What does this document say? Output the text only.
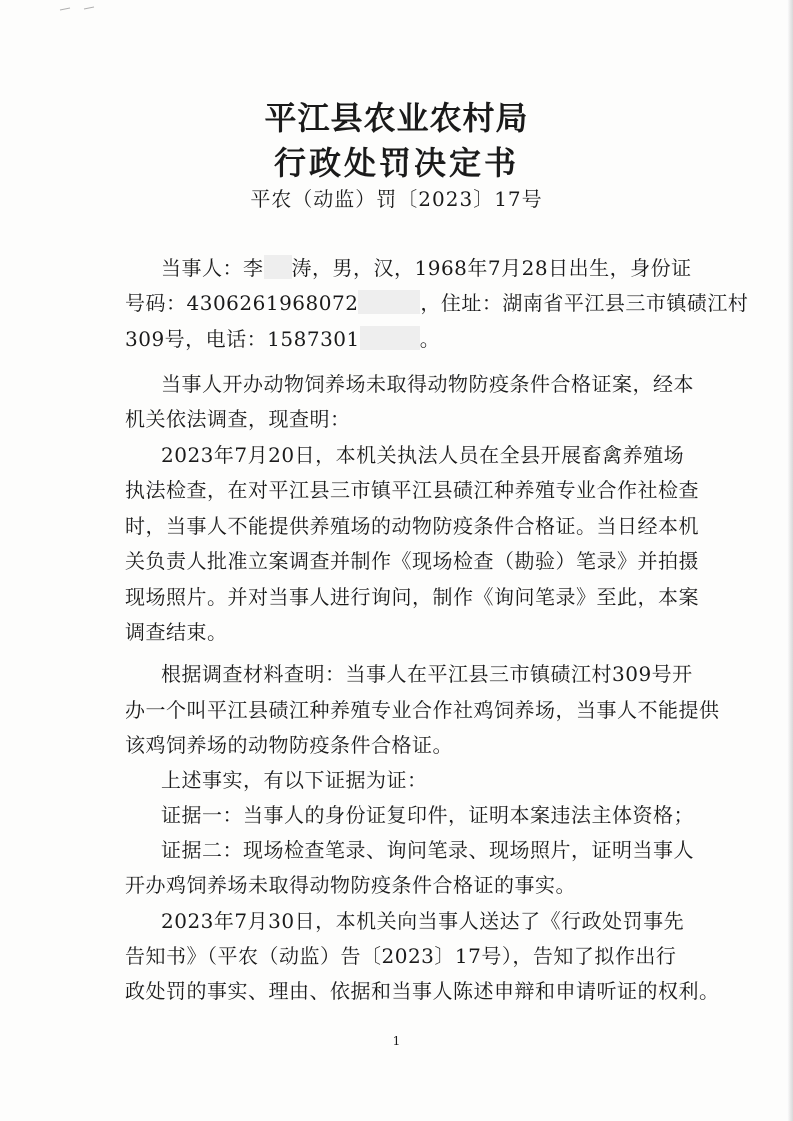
平江县农业农村局
行政处罚决定书
平农（动监）罚〔2023〕17号
当事人：李 涛，男，汉，1968年7月28日出生，身份证
号码：4306261968072	，住址：湖南省平江县三市镇碛江村
309号，电话：1587301	。
当事人开办动物饲养场未取得动物防疫条件合格证案，经本
机关依法调查，现查明：
2023年7月20日，本机关执法人员在全县开展畜禽养殖场
执法检查，在对平江县三市镇平江县碛江种养殖专业合作社检查
时，当事人不能提供养殖场的动物防疫条件合格证。当日经本机
关负责人批准立案调查并制作《现场检查（勘验）笔录》并拍摄
现场照片。并对当事人进行询问，制作《询问笔录》至此，本案
调查结束。
根据调查材料查明：当事人在平江县三市镇碛江村309号开
办一个叫平江县碛江种养殖专业合作社鸡饲养场，当事人不能提供
该鸡饲养场的动物防疫条件合格证。
上述事实，有以下证据为证：
证据一：当事人的身份证复印件，证明本案违法主体资格；
证据二：现场检查笔录、询问笔录、现场照片，证明当事人
开办鸡饲养场未取得动物防疫条件合格证的事实。
2023年7月30日，本机关向当事人送达了《行政处罚事先
告知书》（平农（动监）告〔2023〕17号），告知了拟作出行
政处罚的事实、理由、依据和当事人陈述申辩和申请听证的权利。
1
